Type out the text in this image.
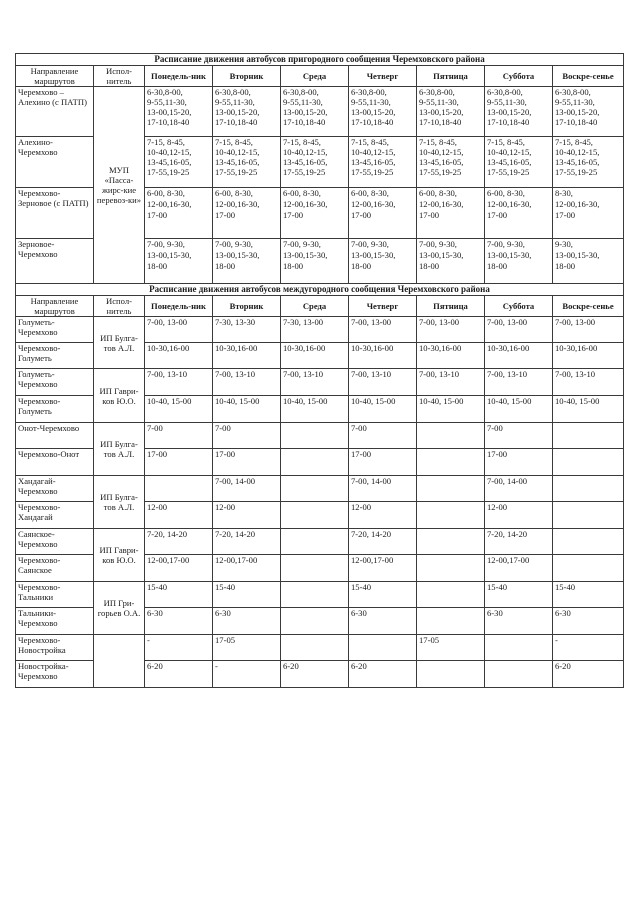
Расписание движения автобусов пригородного сообщения Черемховского района								
Направление маршрутов	Испол-нитель	Понедель-ник	Вторник	Среда	Четверг	Пятница	Суббота	Воскре-сенье
Черемхово – Алехино (с ПАТП)	МУП «Пасса-жирс-кие перевоз-ки»	6-30,8-00,
9-55,11-30,
13-00,15-20,
17-10,18-40	6-30,8-00,
9-55,11-30,
13-00,15-20,
17-10,18-40	6-30,8-00,
9-55,11-30,
13-00,15-20,
17-10,18-40	6-30,8-00,
9-55,11-30,
13-00,15-20,
17-10,18-40	6-30,8-00,
9-55,11-30,
13-00,15-20,
17-10,18-40	6-30,8-00,
9-55,11-30,
13-00,15-20,
17-10,18-40	6-30,8-00,
9-55,11-30,
13-00,15-20,
17-10,18-40
Алехино-Черемхово		7-15, 8-45,
10-40,12-15,
13-45,16-05,
17-55,19-25	7-15, 8-45,
10-40,12-15,
13-45,16-05,
17-55,19-25	7-15, 8-45,
10-40,12-15,
13-45,16-05,
17-55,19-25	7-15, 8-45,
10-40,12-15,
13-45,16-05,
17-55,19-25	7-15, 8-45,
10-40,12-15,
13-45,16-05,
17-55,19-25	7-15, 8-45,
10-40,12-15,
13-45,16-05,
17-55,19-25	7-15, 8-45,
10-40,12-15,
13-45,16-05,
17-55,19-25
Черемхово-Зерновое (с ПАТП)		6-00, 8-30,
12-00,16-30,
17-00	6-00, 8-30,
12-00,16-30,
17-00	6-00, 8-30,
12-00,16-30,
17-00	6-00, 8-30,
12-00,16-30,
17-00	6-00, 8-30,
12-00,16-30,
17-00	6-00, 8-30,
12-00,16-30,
17-00	8-30,
12-00,16-30,
17-00
Зерновое-Черемхово		7-00, 9-30,
13-00,15-30,
18-00	7-00, 9-30,
13-00,15-30,
18-00	7-00, 9-30,
13-00,15-30,
18-00	7-00, 9-30,
13-00,15-30,
18-00	7-00, 9-30,
13-00,15-30,
18-00	7-00, 9-30,
13-00,15-30,
18-00	9-30,
13-00,15-30,
18-00
Расписание движения автобусов междугородного сообщения Черемховского района								
Направление маршрутов	Испол-нитель	Понедель-ник	Вторник	Среда	Четверг	Пятница	Суббота	Воскре-сенье
Голуметь-Черемхово	ИП Булга-тов А.Л.	7-00, 13-00	7-30, 13-30	7-30, 13-00	7-00, 13-00	7-00, 13-00	7-00, 13-00	7-00, 13-00
Черемхово-Голуметь		10-30,16-00	10-30,16-00	10-30,16-00	10-30,16-00	10-30,16-00	10-30,16-00	10-30,16-00
Голуметь-Черемхово	ИП Гаври-ков Ю.О.	7-00, 13-10	7-00, 13-10	7-00, 13-10	7-00, 13-10	7-00, 13-10	7-00, 13-10	7-00, 13-10
Черемхово-Голуметь		10-40, 15-00	10-40, 15-00	10-40, 15-00	10-40, 15-00	10-40, 15-00	10-40, 15-00	10-40, 15-00
Онот-Черемхово	ИП Булга-тов А.Л.	7-00	7-00		7-00		7-00	
Черемхово-Онот		17-00	17-00		17-00		17-00	
Хандагай-Черемхово	ИП Булга-тов А.Л.		7-00, 14-00		7-00, 14-00		7-00, 14-00	
Черемхово-Хандагай		12-00	12-00		12-00		12-00	
Саянское-Черемхово	ИП Гаври-ков Ю.О.	7-20, 14-20	7-20, 14-20		7-20, 14-20		7-20, 14-20	
Черемхово-Саянское		12-00,17-00	12-00,17-00		12-00,17-00		12-00,17-00	
Черемхово-Тальники	ИП Гри-горьев О.А.	15-40	15-40		15-40		15-40	15-40
Тальники-Черемхово		6-30	6-30		6-30		6-30	6-30
Черемхово-Новостройка		-	17-05			17-05		-
Новостройка-Черемхово		6-20	-	6-20	6-20			6-20
